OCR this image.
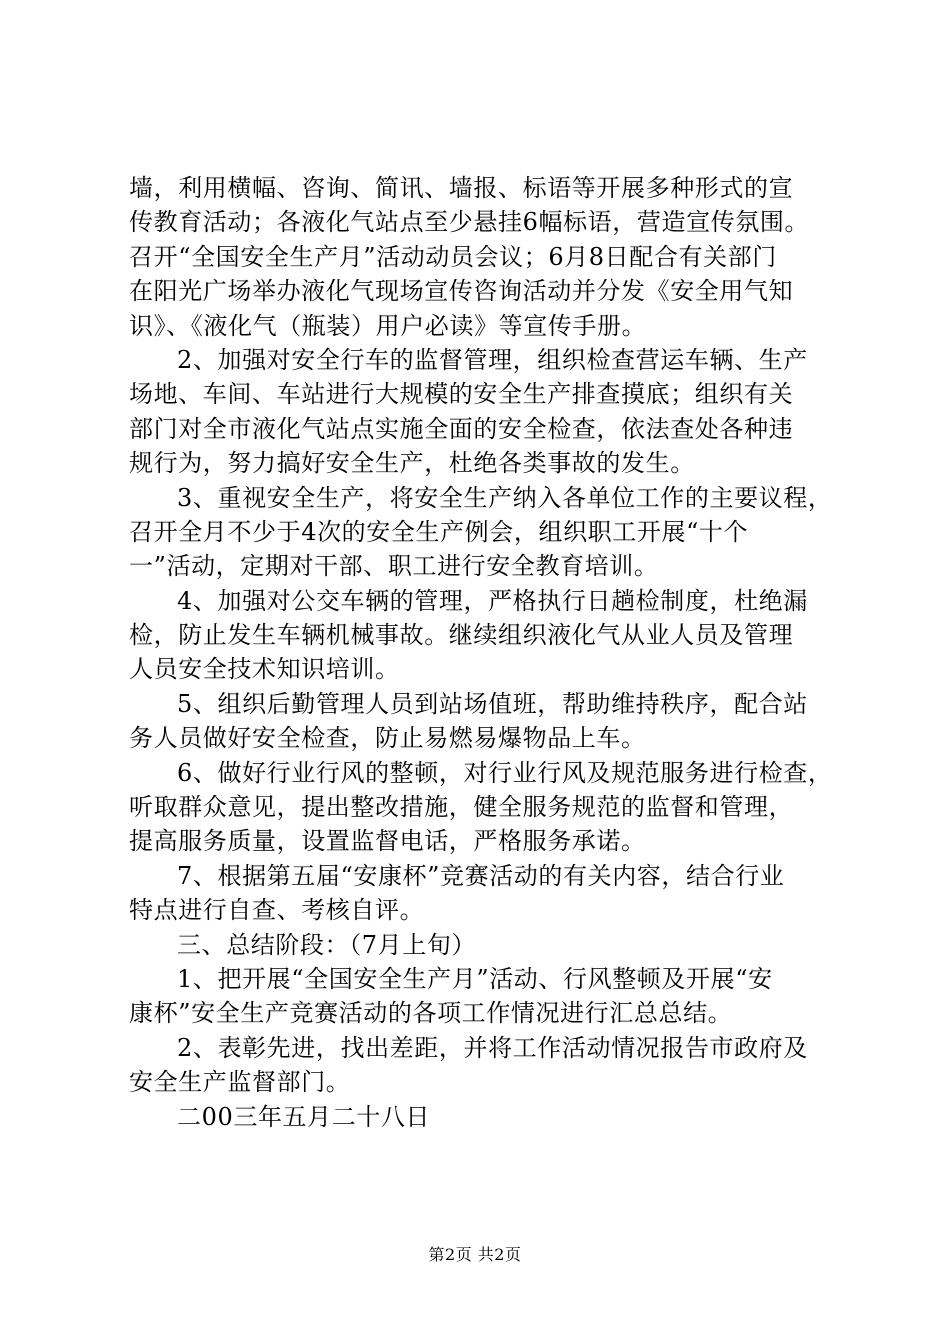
墙，利用横幅、咨询、简讯、墙报、标语等开展多种形式的宣
传教育活动；各液化气站点至少悬挂6幅标语，营造宣传氛围。
召开“全国安全生产月”活动动员会议；6月8日配合有关部门
在阳光广场举办液化气现场宣传咨询活动并分发《安全用气知
识》、《液化气（瓶装）用户必读》等宣传手册。
2、加强对安全行车的监督管理，组织检查营运车辆、生产
场地、车间、车站进行大规模的安全生产排查摸底；组织有关
部门对全市液化气站点实施全面的安全检查，依法查处各种违
规行为，努力搞好安全生产，杜绝各类事故的发生。
3、重视安全生产，将安全生产纳入各单位工作的主要议程，
召开全月不少于4次的安全生产例会，组织职工开展“十个
一”活动，定期对干部、职工进行安全教育培训。
4、加强对公交车辆的管理，严格执行日趟检制度，杜绝漏
检，防止发生车辆机械事故。继续组织液化气从业人员及管理
人员安全技术知识培训。
5、组织后勤管理人员到站场值班，帮助维持秩序，配合站
务人员做好安全检查，防止易燃易爆物品上车。
6、做好行业行风的整顿，对行业行风及规范服务进行检查，
听取群众意见，提出整改措施，健全服务规范的监督和管理，
提高服务质量，设置监督电话，严格服务承诺。
7、根据第五届“安康杯”竞赛活动的有关内容，结合行业
特点进行自查、考核自评。
三、总结阶段：（7月上旬）
1、把开展“全国安全生产月”活动、行风整顿及开展“安
康杯”安全生产竞赛活动的各项工作情况进行汇总总结。
2、表彰先进，找出差距，并将工作活动情况报告市政府及
安全生产监督部门。
二00三年五月二十八日
第2页 共2页
